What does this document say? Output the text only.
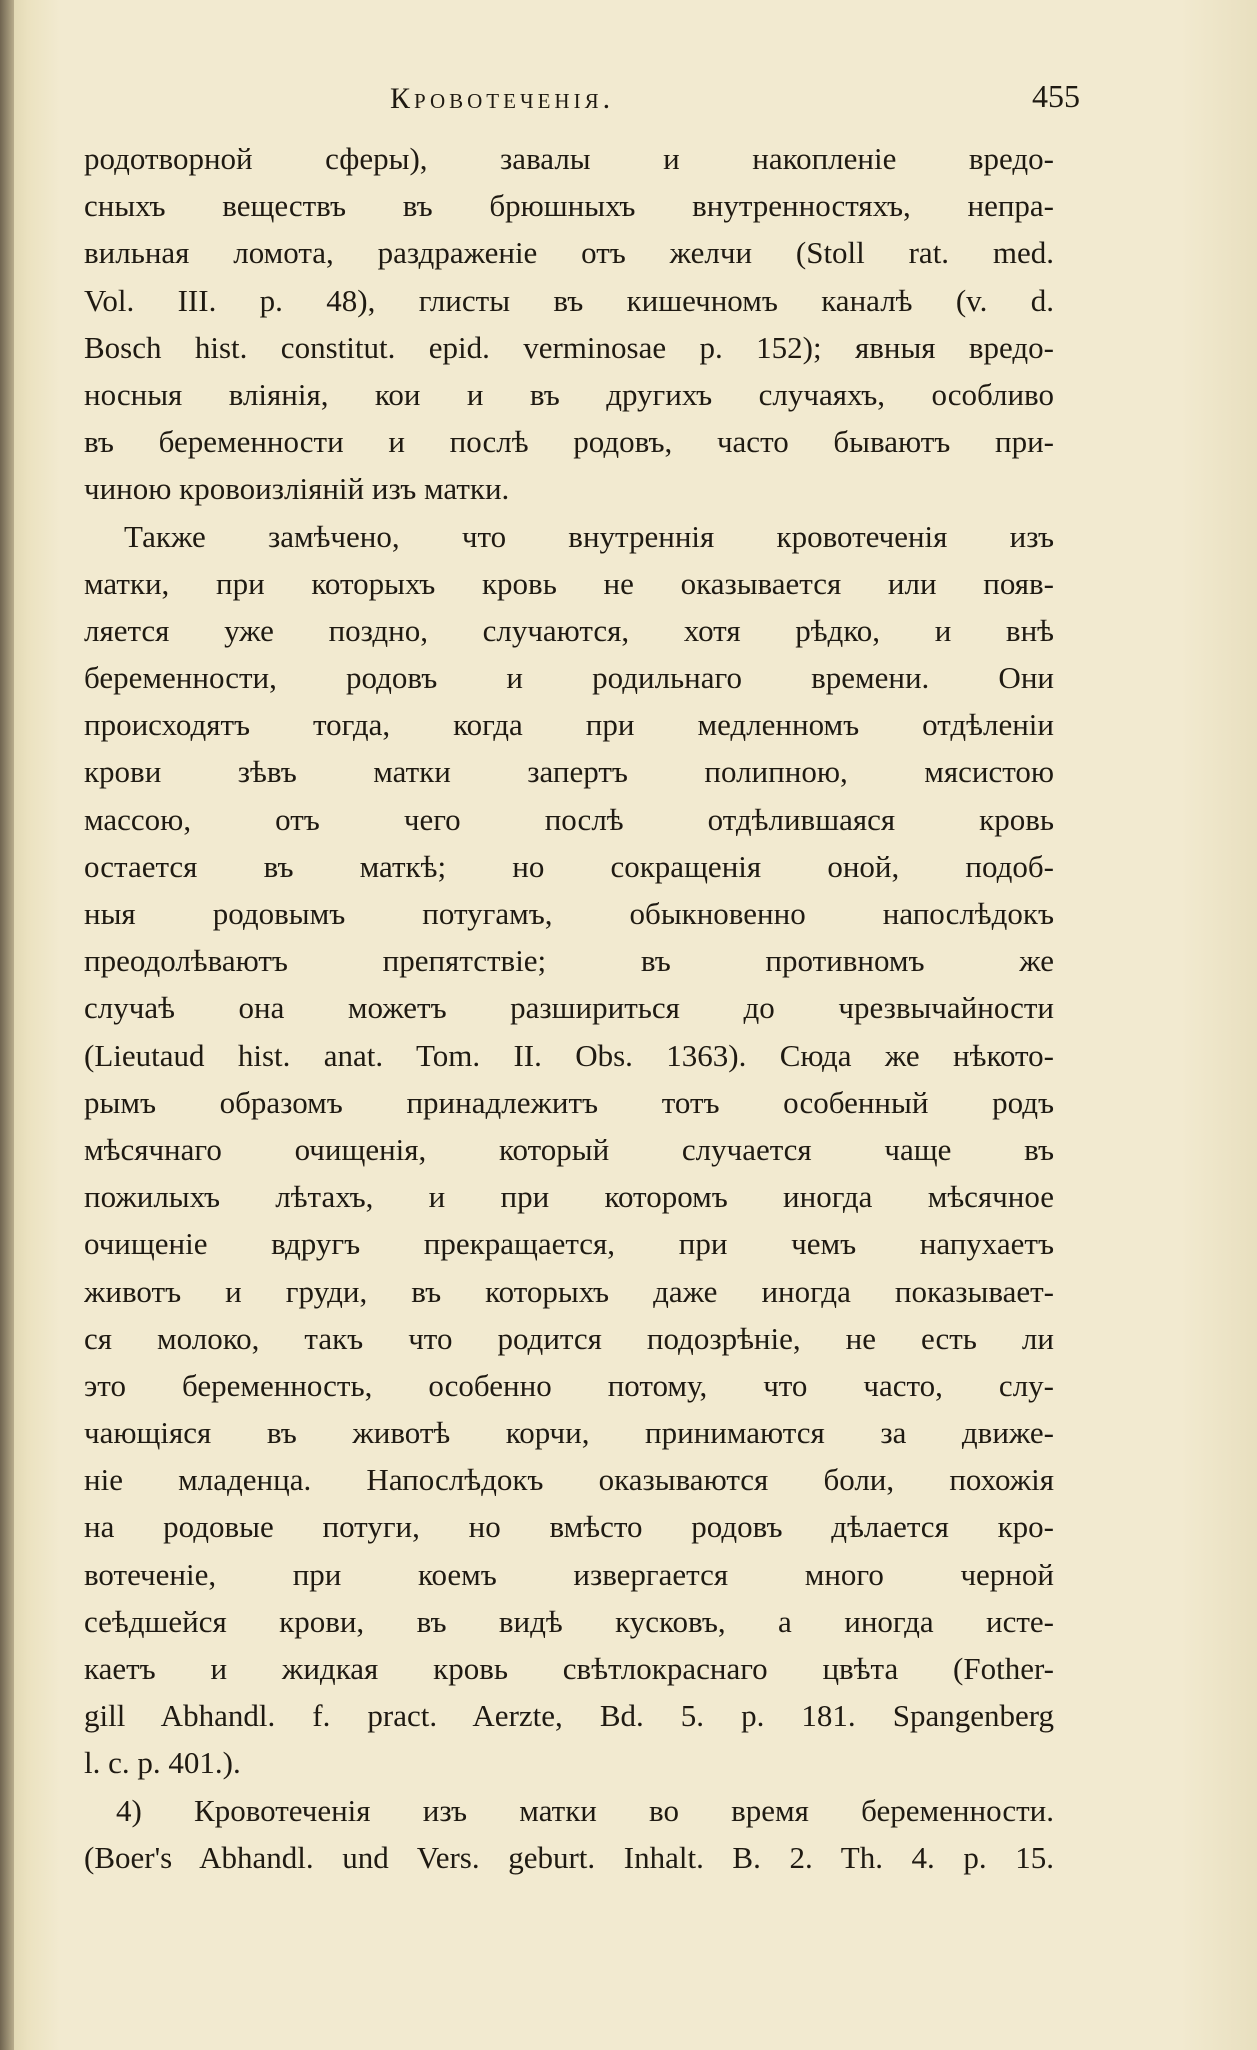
Кровотеченія.	455
родотворной сферы), завалы и накопленіе вредо-
сныхъ веществъ въ брюшныхъ внутренностяхъ, непра-
вильная ломота, раздраженіе отъ желчи (Stoll rat. med.
Vol. III. p. 48), глисты въ кишечномъ каналѣ (v. d.
Bosch hist. constitut. epid. verminosae p. 152); явныя вредо-
носныя вліянія, кои и въ другихъ случаяхъ, особливо
въ беременности и послѣ родовъ, часто бываютъ при-
чиною кровоизліяній изъ матки.
Также замѣчено, что внутреннія кровотеченія изъ
матки, при которыхъ кровь не оказывается или появ-
ляется уже поздно, случаются, хотя рѣдко, и внѣ
беременности, родовъ и родильнаго времени. Они
происходятъ тогда, когда при медленномъ отдѣленіи
крови зѣвъ матки запертъ полипною, мясистою
массою, отъ чего послѣ отдѣлившаяся кровь
остается въ маткѣ; но сокращенія оной, подоб-
ныя родовымъ потугамъ, обыкновенно напослѣдокъ
преодолѣваютъ препятствіе; въ противномъ же
случаѣ она можетъ разшириться до чрезвычайности
(Lieutaud hist. anat. Tom. II. Obs. 1363). Сюда же нѣкото-
рымъ образомъ принадлежитъ тотъ особенный родъ
мѣсячнаго очищенія, который случается чаще въ
пожилыхъ лѣтахъ, и при которомъ иногда мѣсячное
очищеніе вдругъ прекращается, при чемъ напухаетъ
животъ и груди, въ которыхъ даже иногда показывает-
ся молоко, такъ что родится подозрѣніе, не есть ли
это беременность, особенно потому, что часто, слу-
чающіяся въ животѣ корчи, принимаются за движе-
ніе младенца. Напослѣдокъ оказываются боли, похожія
на родовые потуги, но вмѣсто родовъ дѣлается кро-
вотеченіе, при коемъ извергается много черной
сеѣдшейся крови, въ видѣ кусковъ, а иногда исте-
каетъ и жидкая кровь свѣтлокраснаго цвѣта (Fother-
gill Abhandl. f. pract. Aerzte, Bd. 5. p. 181. Spangenberg
l. c. p. 401.).
4) Кровотеченія изъ матки во время беременности.
(Boer's Abhandl. und Vers. geburt. Inhalt. B. 2. Th. 4. p. 15.
